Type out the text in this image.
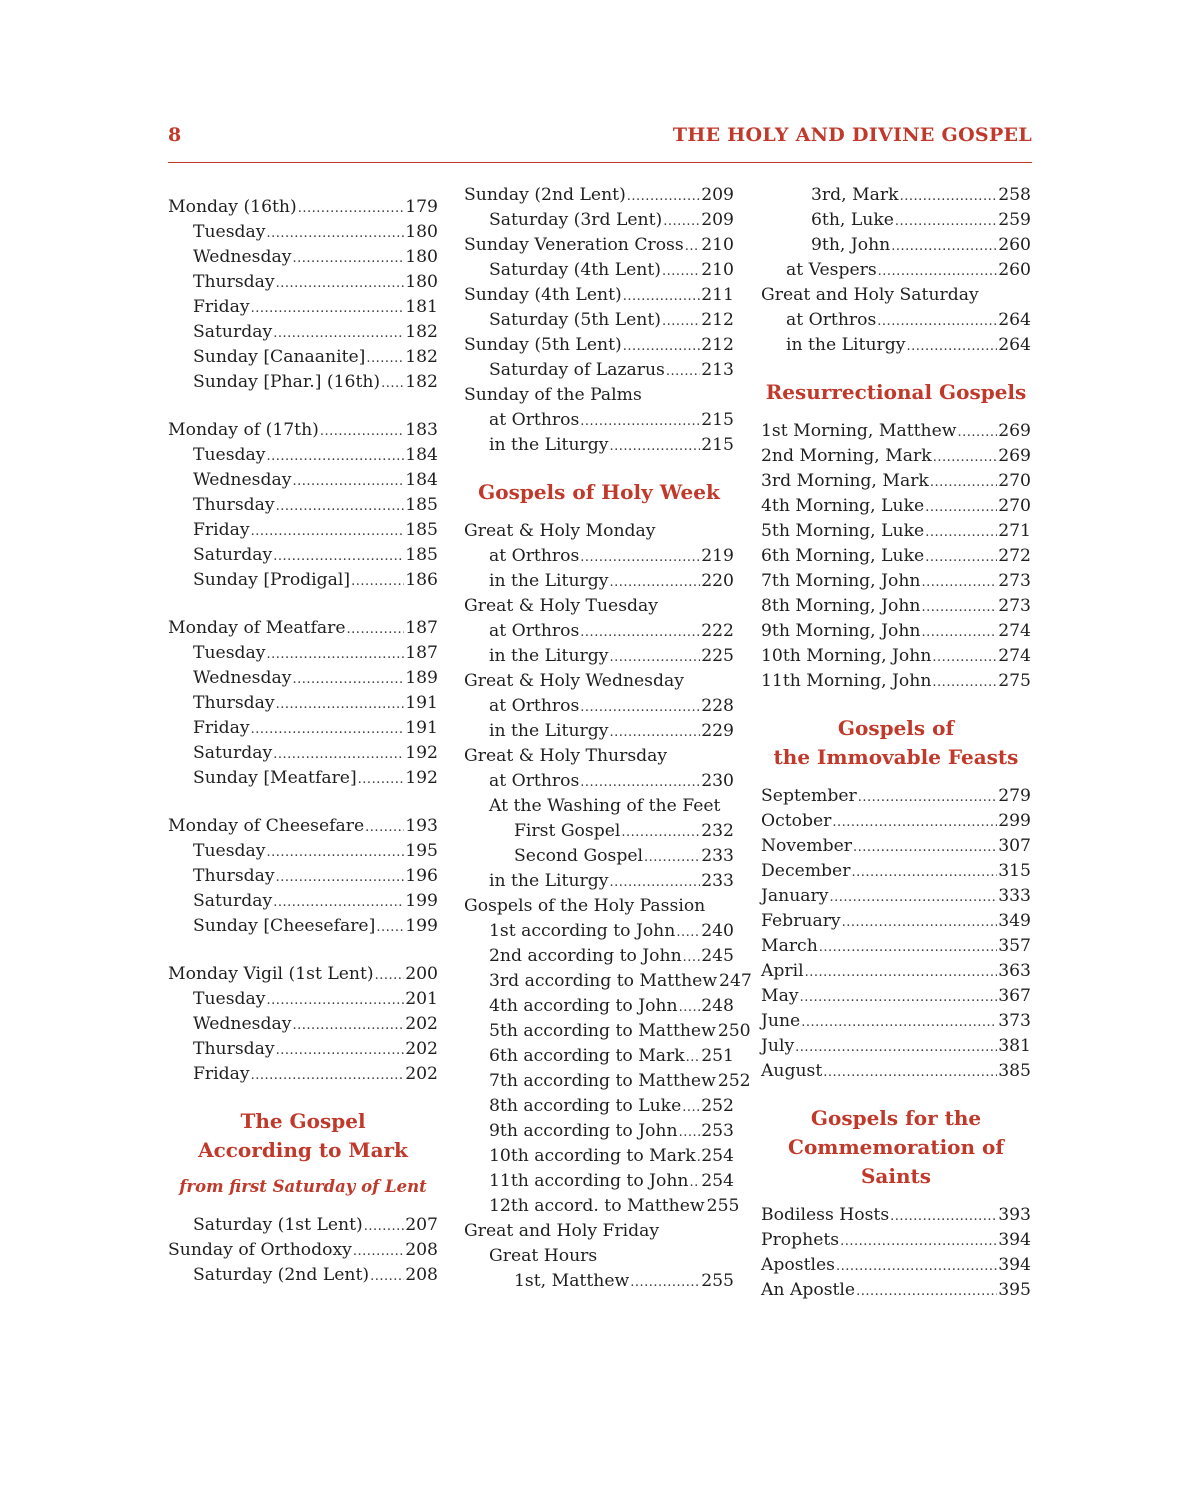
8	THE HOLY AND DIVINE GOSPEL
Monday (16th) .....	179
Tuesday .....	180
Wednesday .....	180
Thursday .....	180
Friday .....	181
Saturday .....	182
Sunday [Canaanite] ..... 182
Sunday [Phar.] (16th) ..... 182
Monday of (17th) .....	183
Tuesday .....	184
Wednesday .....	184
Thursday .....	185
Friday .....	185
Saturday .....	185
Sunday [Prodigal] .....	186
Monday of Meatfare .....	187
Tuesday .....	187
Wednesday .....	189
Thursday .....	191
Friday .....	191
Saturday .....	192
Sunday [Meatfare] .....	192
Monday of Cheesefare ..... 193
Tuesday .....	195
Thursday .....	196
Saturday .....	199
Sunday [Cheesefare] ..... 199
Monday Vigil (1st Lent) ..... 200
Tuesday .....	201
Wednesday .....	202
Thursday .....	202
Friday .....	202
The Gospel
According to Mark
from first Saturday of Lent
Saturday (1st Lent) ..... 207
Sunday of Orthodoxy .....	208
Saturday (2nd Lent) ..... 208
Sunday (2nd Lent) .....	209
Saturday (3rd Lent) ..... 209
Sunday Veneration Cross ..... 210
Saturday (4th Lent) ..... 210
Sunday (4th Lent) .....	211
Saturday (5th Lent) ..... 212
Sunday (5th Lent) .....	212
Saturday of Lazarus ..... 213
Sunday of the Palms
at Orthros .....	215
in the Liturgy .....	215
Gospels of Holy Week
Great & Holy Monday
at Orthros .....	219
in the Liturgy .....	220
Great & Holy Tuesday
at Orthros .....	222
in the Liturgy .....	225
Great & Holy Wednesday
at Orthros .....	228
in the Liturgy .....	229
Great & Holy Thursday
at Orthros .....	230
At the Washing of the Feet
First Gospel .....	232
Second Gospel .....	233
in the Liturgy .....	233
Gospels of the Holy Passion
1st according to John ..... 240
2nd according to John ..... 245
3rd according to Matthew 247
4th according to John ..... 248
5th according to Matthew 250
6th according to Mark ..... 251
7th according to Matthew 252
8th according to Luke ..... 252
9th according to John ..... 253
10th according to Mark ..... 254
11th according to John ..... 254
12th accord. to Matthew 255
Great and Holy Friday
Great Hours
1st, Matthew .....	255
3rd, Mark .....	258
6th, Luke .....	259
9th, John .....	260
at Vespers .....	260
Great and Holy Saturday
at Orthros .....	264
in the Liturgy .....	264
Resurrectional Gospels
1st Morning, Matthew ..... 269
2nd Morning, Mark .....	269
3rd Morning, Mark .....	270
4th Morning, Luke .....	270
5th Morning, Luke .....	271
6th Morning, Luke .....	272
7th Morning, John .....	273
8th Morning, John .....	273
9th Morning, John .....	274
10th Morning, John .....	274
11th Morning, John .....	275
Gospels of
the Immovable Feasts
September .....	279
October .....	299
November .....	307
December .....	315
January .....	333
February .....	349
March .....	357
April .....	363
May .....	367
June .....	373
July .....	381
August .....	385
Gospels for the
Commemoration of
Saints
Bodiless Hosts .....	393
Prophets .....	394
Apostles .....	394
An Apostle .....	395
